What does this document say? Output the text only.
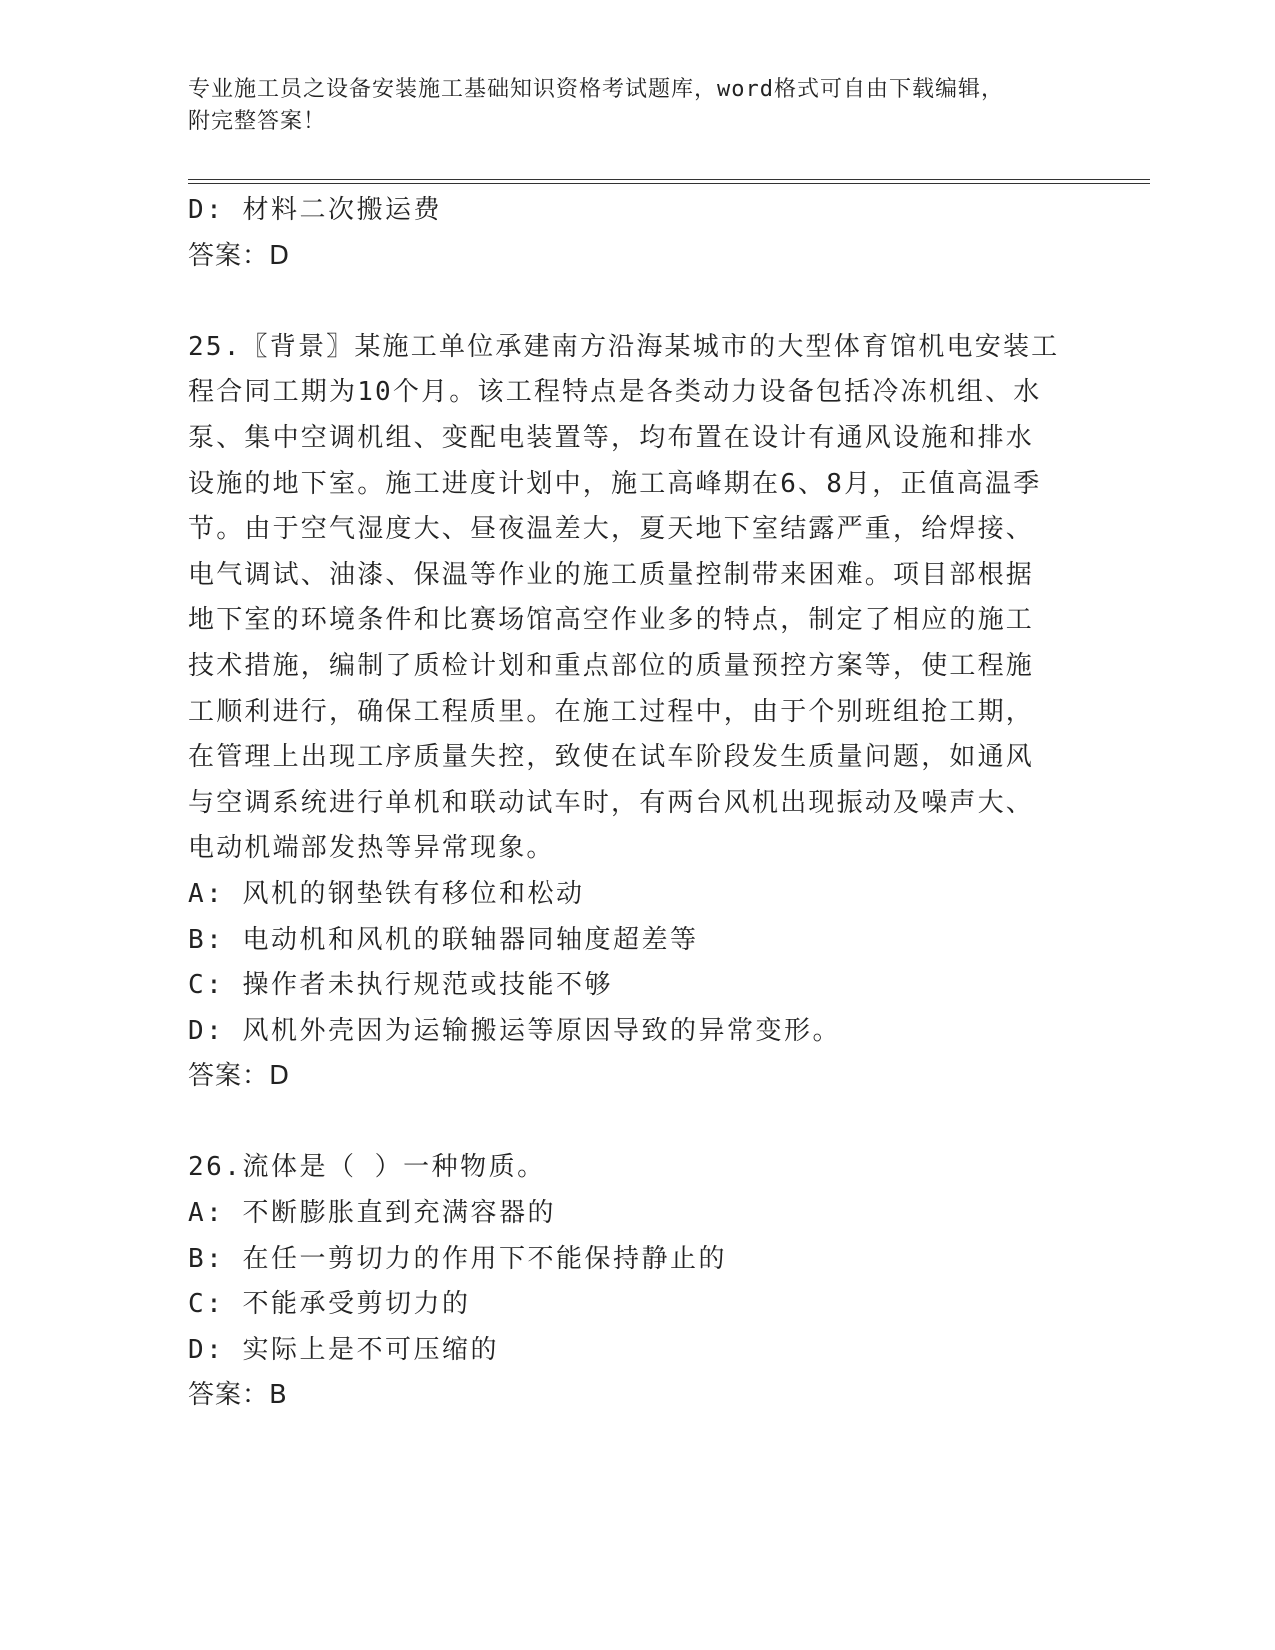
专业施工员之设备安装施工基础知识资格考试题库，word格式可自由下载编辑，
附完整答案！
D: 材料二次搬运费
答案：D
25.〖背景〗某施工单位承建南方沿海某城市的大型体育馆机电安装工
程合同工期为10个月。该工程特点是各类动力设备包括冷冻机组、水
泵、集中空调机组、变配电装置等，均布置在设计有通风设施和排水
设施的地下室。施工进度计划中，施工高峰期在6、8月，正值高温季
节。由于空气湿度大、昼夜温差大，夏天地下室结露严重，给焊接、
电气调试、油漆、保温等作业的施工质量控制带来困难。项目部根据
地下室的环境条件和比赛场馆高空作业多的特点，制定了相应的施工
技术措施，编制了质检计划和重点部位的质量预控方案等，使工程施
工顺利进行，确保工程质里。在施工过程中，由于个别班组抢工期，
在管理上出现工序质量失控，致使在试车阶段发生质量问题，如通风
与空调系统进行单机和联动试车时，有两台风机出现振动及噪声大、
电动机端部发热等异常现象。
A: 风机的钢垫铁有移位和松动
B: 电动机和风机的联轴器同轴度超差等
C: 操作者未执行规范或技能不够
D: 风机外壳因为运输搬运等原因导致的异常变形。
答案：D
26.流体是（ ）一种物质。
A: 不断膨胀直到充满容器的
B: 在任一剪切力的作用下不能保持静止的
C: 不能承受剪切力的
D: 实际上是不可压缩的
答案：B
